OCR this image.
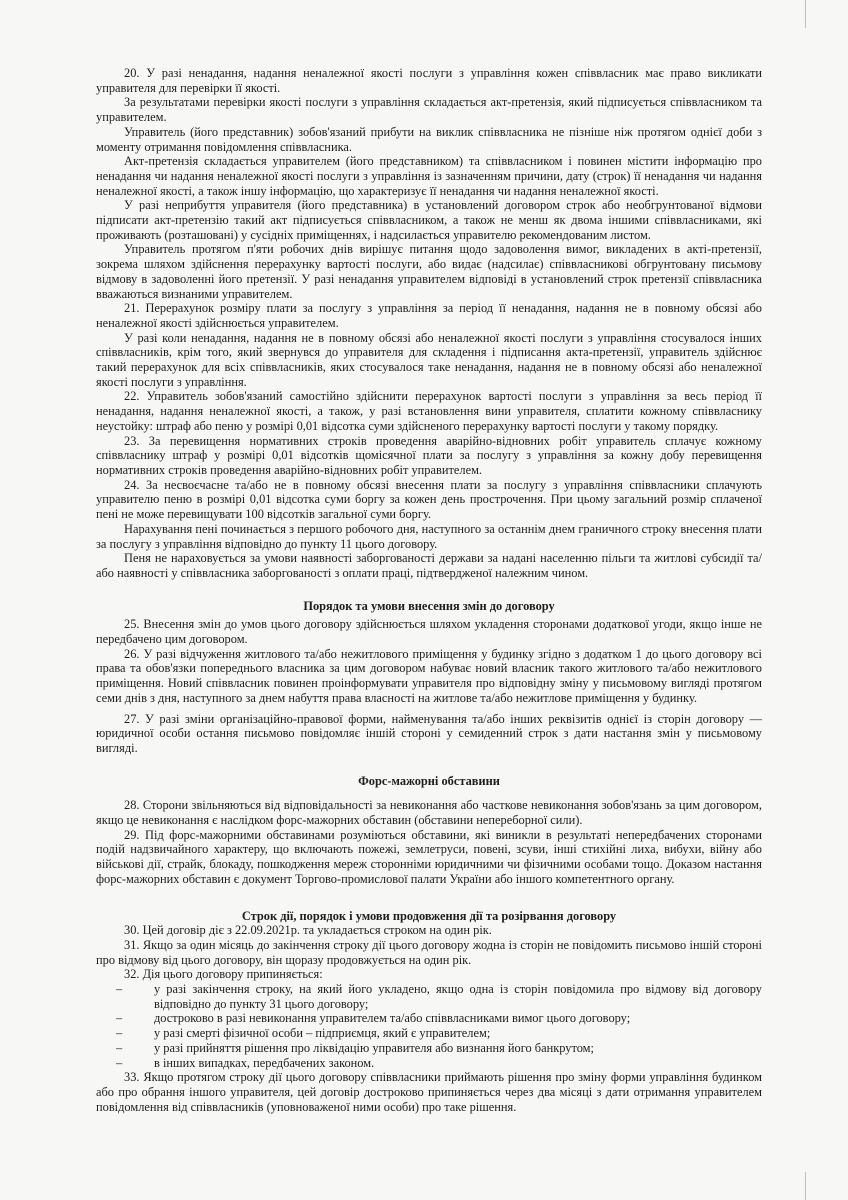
20. У разі ненадання, надання неналежної якості послуги з управління кожен співвласник має право викликати управителя для перевірки її якості.

За результатами перевірки якості послуги з управління складається акт-претензія, який підписується співвласником та управителем.

Управитель (його представник) зобов'язаний прибути на виклик співвласника не пізніше ніж протягом однієї доби з моменту отримання повідомлення співвласника.

Акт-претензія складається управителем (його представником) та співвласником і повинен містити інформацію про ненадання чи надання неналежної якості послуги з управління із зазначенням причини, дату (строк) її ненадання чи надання неналежної якості, а також іншу інформацію, що характеризує її ненадання чи надання неналежної якості.

У разі неприбуття управителя (його представника) в установлений договором строк або необгрунтованої відмови підписати акт-претензію такий акт підписується співвласником, а також не менш як двома іншими співвласниками, які проживають (розташовані) у сусідніх приміщеннях, і надсилається управителю рекомендованим листом.

Управитель протягом п'яти робочих днів вирішує питання щодо задоволення вимог, викладених в акті-претензії, зокрема шляхом здійснення перерахунку вартості послуги, або видає (надсилає) співвласникові обгрунтовану письмову відмову в задоволенні його претензії. У разі ненадання управителем відповіді в установлений строк претензії співвласника вважаються визнаними управителем.

21. Перерахунок розміру плати за послугу з управління за період її ненадання, надання не в повному обсязі або неналежної якості здійснюється управителем.

У разі коли ненадання, надання не в повному обсязі або неналежної якості послуги з управління стосувалося інших співвласників, крім того, який звернувся до управителя для складення і підписання акта-претензії, управитель здійснює такий перерахунок для всіх співвласників, яких стосувалося таке ненадання, надання не в повному обсязі або неналежної якості послуги з управління.

22. Управитель зобов'язаний самостійно здійснити перерахунок вартості послуги з управління за весь період її ненадання, надання неналежної якості, а також, у разі встановлення вини управителя, сплатити кожному співвласнику неустойку: штраф або пеню у розмірі 0,01 відсотка суми здійсненого перерахунку вартості послуги у такому порядку.

23. За перевищення нормативних строків проведення аварійно-відновних робіт управитель сплачує кожному співвласнику штраф у розмірі 0,01 відсотків щомісячної плати за послугу з управління за кожну добу перевищення нормативних строків проведення аварійно-відновних робіт управителем.

24. За несвоєчасне та/або не в повному обсязі внесення плати за послугу з управління співвласники сплачують управителю пеню в розмірі 0,01 відсотка суми боргу за кожен день прострочення. При цьому загальний розмір сплаченої пені не може перевищувати 100 відсотків загальної суми боргу.

Нарахування пені починається з першого робочого дня, наступного за останнім днем граничного строку внесення плати за послугу з управління відповідно до пункту 11 цього договору.

Пеня не нараховується за умови наявності заборгованості держави за надані населенню пільги та житлові субсидії та/або наявності у співвласника заборгованості з оплати праці, підтвердженої належним чином.

Порядок та умови внесення змін до договору

25. Внесення змін до умов цього договору здійснюється шляхом укладення сторонами додаткової угоди, якщо інше не передбачено цим договором.

26. У разі відчуження житлового та/або нежитлового приміщення у будинку згідно з додатком 1 до цього договору всі права та обов'язки попереднього власника за цим договором набуває новий власник такого житлового та/або нежитлового приміщення. Новий співвласник повинен проінформувати управителя про відповідну зміну у письмовому вигляді протягом семи днів з дня, наступного за днем набуття права власності на житлове та/або нежитлове приміщення у будинку.

27. У разі зміни організаційно-правової форми, найменування та/або інших реквізитів однієї із сторін договору — юридичної особи остання письмово повідомляє іншій стороні у семиденний строк з дати настання змін у письмовому вигляді.

Форс-мажорні обставини

28. Сторони звільняються від відповідальності за невиконання або часткове невиконання зобов'язань за цим договором, якщо це невиконання є наслідком форс-мажорних обставин (обставини непереборної сили).

29. Під форс-мажорними обставинами розуміються обставини, які виникли в результаті непередбачених сторонами подій надзвичайного характеру, що включають пожежі, землетруси, повені, зсуви, інші стихійні лиха, вибухи, війну або військові дії, страйк, блокаду, пошкодження мереж сторонніми юридичними чи фізичними особами тощо. Доказом настання форс-мажорних обставин є документ Торгово-промислової палати України або іншого компетентного органу.

Строк дії, порядок і умови продовження дії та розірвання договору

30. Цей договір діє з 22.09.2021р. та укладається строком на один рік.

31. Якщо за один місяць до закінчення строку дії цього договору жодна із сторін не повідомить письмово іншій стороні про відмову від цього договору, він щоразу продовжується на один рік.

32. Дія цього договору припиняється:

– у разі закінчення строку, на який його укладено, якщо одна із сторін повідомила про відмову від договору відповідно до пункту 31 цього договору;
– достроково в разі невиконання управителем та/або співвласниками вимог цього договору;
– у разі смерті фізичної особи – підприємця, який є управителем;
– у разі прийняття рішення про ліквідацію управителя або визнання його банкрутом;
– в інших випадках, передбачених законом.

33. Якщо протягом строку дії цього договору співвласники приймають рішення про зміну форми управління будинком або про обрання іншого управителя, цей договір достроково припиняється через два місяці з дати отримання управителем повідомлення від співвласників (уповноваженої ними особи) про таке рішення.
